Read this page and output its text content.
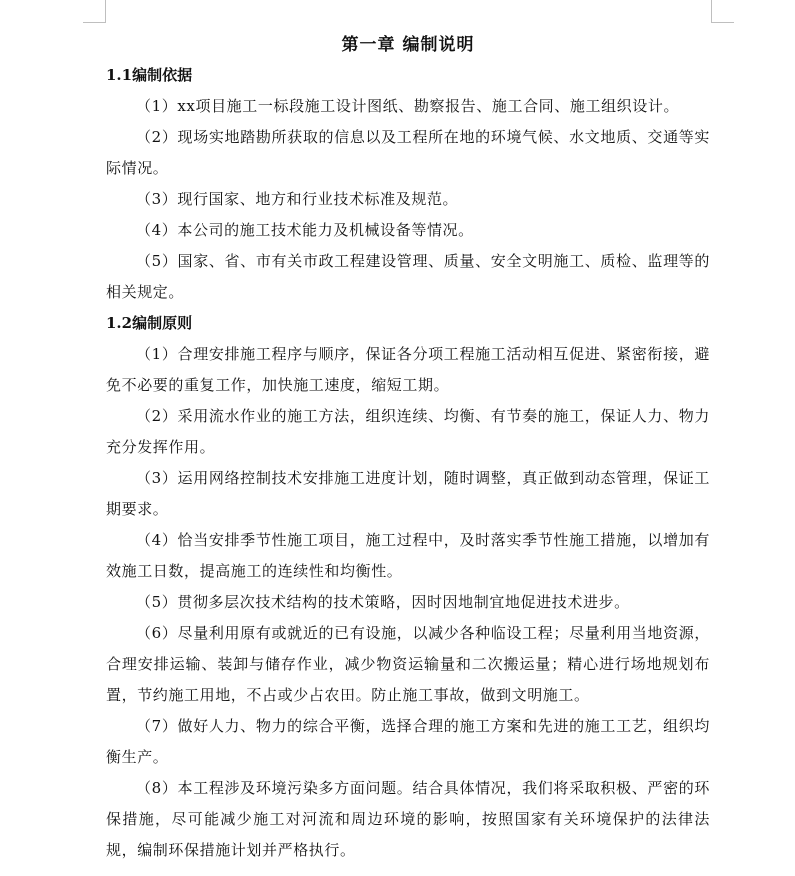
第一章 编制说明
1.1编制依据

（1）xx项目施工一标段施工设计图纸、勘察报告、施工合同、施工组织设计。

（2）现场实地踏勘所获取的信息以及工程所在地的环境气候、水文地质、交通等实际情况。

（3）现行国家、地方和行业技术标准及规范。

（4）本公司的施工技术能力及机械设备等情况。

（5）国家、省、市有关市政工程建设管理、质量、安全文明施工、质检、监理等的相关规定。

1.2编制原则

（1）合理安排施工程序与顺序，保证各分项工程施工活动相互促进、紧密衔接，避免不必要的重复工作，加快施工速度，缩短工期。

（2）采用流水作业的施工方法，组织连续、均衡、有节奏的施工，保证人力、物力充分发挥作用。

（3）运用网络控制技术安排施工进度计划，随时调整，真正做到动态管理，保证工期要求。

（4）恰当安排季节性施工项目，施工过程中，及时落实季节性施工措施，以增加有效施工日数，提高施工的连续性和均衡性。

（5）贯彻多层次技术结构的技术策略，因时因地制宜地促进技术进步。

（6）尽量利用原有或就近的已有设施，以减少各种临设工程；尽量利用当地资源，合理安排运输、装卸与储存作业，减少物资运输量和二次搬运量；精心进行场地规划布置，节约施工用地，不占或少占农田。防止施工事故，做到文明施工。

（7）做好人力、物力的综合平衡，选择合理的施工方案和先进的施工工艺，组织均衡生产。

（8）本工程涉及环境污染多方面问题。结合具体情况，我们将采取积极、严密的环保措施，尽可能减少施工对河流和周边环境的影响，按照国家有关环境保护的法律法规，编制环保措施计划并严格执行。
